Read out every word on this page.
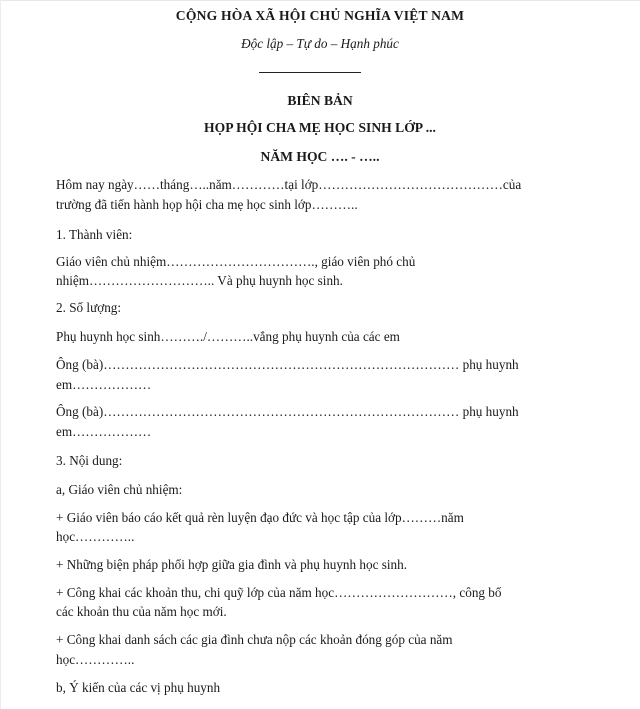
CỘNG HÒA XÃ HỘI CHỦ NGHĨA VIỆT NAM
Độc lập – Tự do – Hạnh phúc
BIÊN BẢN
HỌP HỘI CHA MẸ HỌC SINH LỚP ...
NĂM HỌC …. - …..
Hôm nay ngày……tháng…..năm…………tại lớp……………………………………của
trường đã tiến hành họp hội cha mẹ học sinh lớp………..
1. Thành viên:
Giáo viên chủ nhiệm……………………………., giáo viên phó chủ
nhiệm……………………….. Và phụ huynh học sinh.
2. Số lượng:
Phụ huynh học sinh………./………..vắng phụ huynh của các em
Ông (bà)……………………………………………………………………… phụ huynh
em………………
Ông (bà)……………………………………………………………………… phụ huynh
em………………
3. Nội dung:
a, Giáo viên chủ nhiệm:
+ Giáo viên báo cáo kết quả rèn luyện đạo đức và học tập của lớp………năm
học…………..
+ Những biện pháp phối hợp giữa gia đình và phụ huynh học sinh.
+ Công khai các khoản thu, chi quỹ lớp của năm học………………………, công bố
các khoản thu của năm học mới.
+ Công khai danh sách các gia đình chưa nộp các khoản đóng góp của năm
học…………..
b, Ý kiến của các vị phụ huynh
